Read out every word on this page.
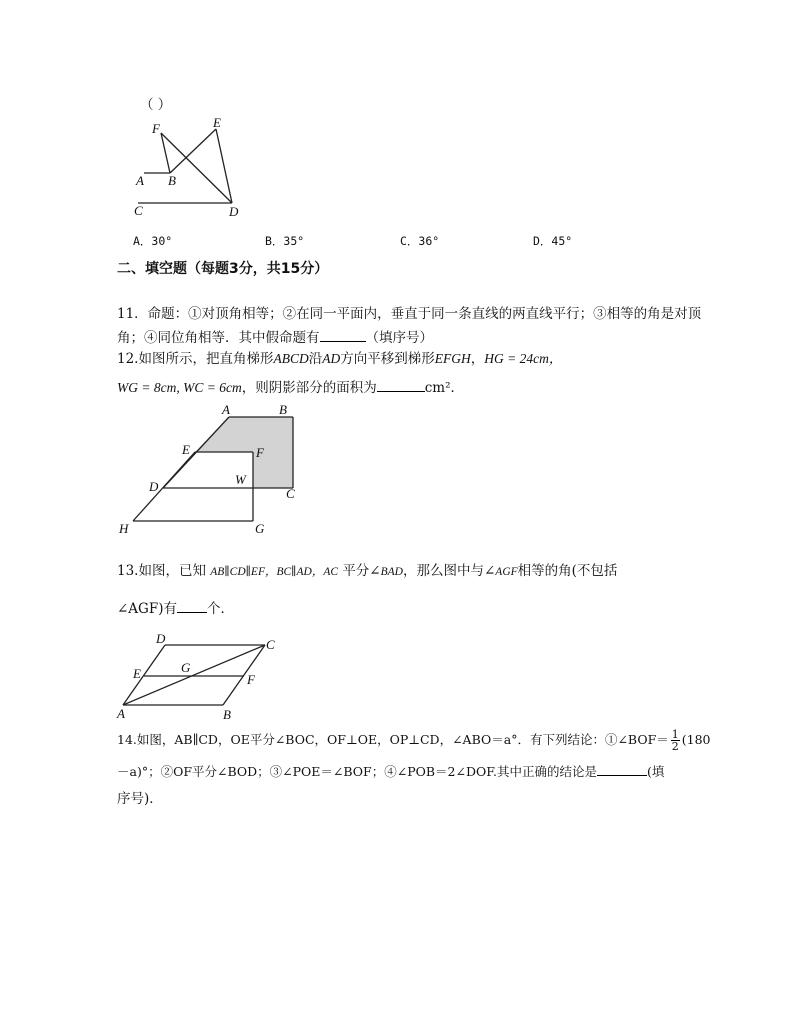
（ ）
F	E
A B
C	D
A．30°	B．35°	C．36°	D．45°
二、填空题（每题3分，共15分）
11．命题：①对顶角相等；②在同一平面内，垂直于同一条直线的两直线平行；③相等的角是对顶
角；④同位角相等．其中假命题有	（填序号）
12.如图所示，把直角梯形ABCD沿AD方向平移到梯形EFGH，HG = 24cm，
WG = 8cm, WC = 6cm，则阴影部分的面积为	cm²．
A	B
E	F
D	W
C
H	G
13.如图，已知 AB∥CD∥EF，BC∥AD，AC 平分∠BAD，那么图中与∠AGF相等的角(不包括
∠AGF)有 个．
D	C
E	G
F
A	B
14.如图，AB∥CD，OE平分∠BOC，OF⊥OE，OP⊥CD，∠ABO＝a°．有下列结论：①∠BOF＝ $\frac{1}{2} (180$
－a)°；②OF平分∠BOD；③∠POE＝∠BOF；④∠POB＝2∠DOF.其中正确的结论是	(填
序号)．
